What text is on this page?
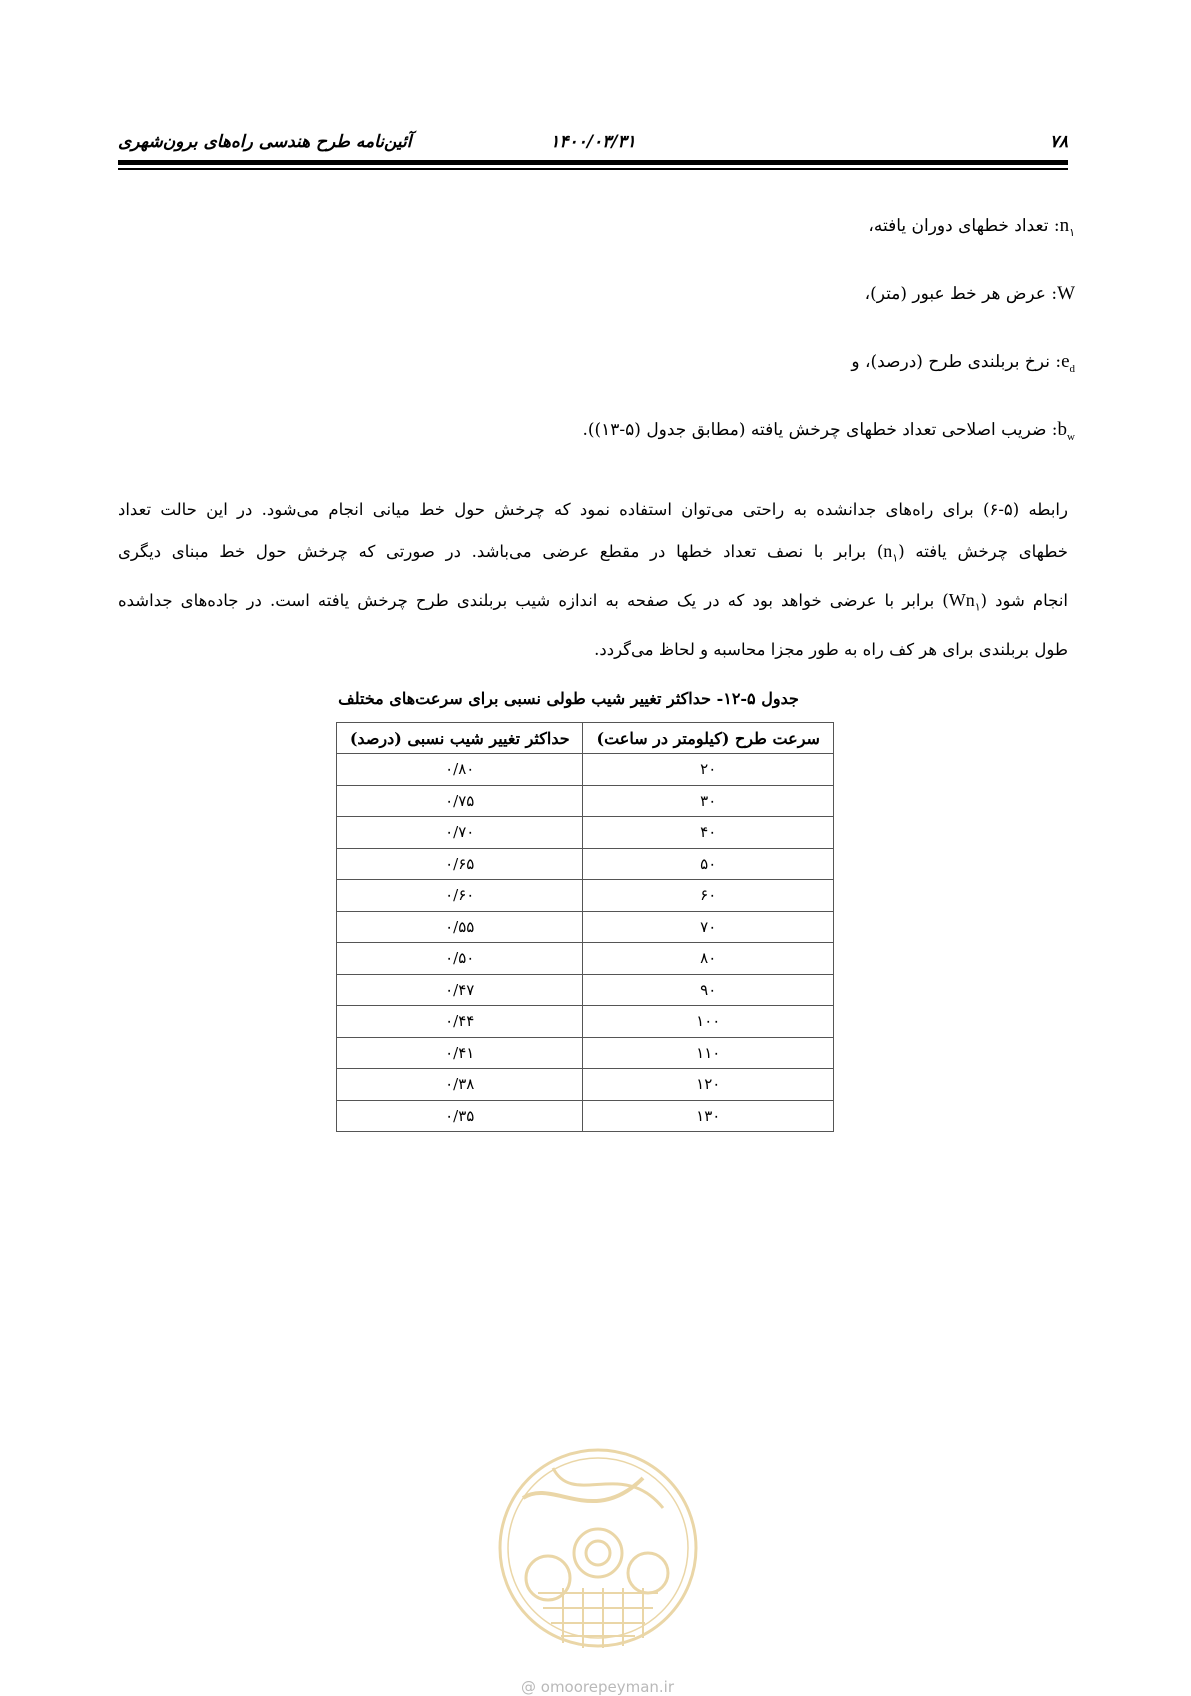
۷۸
۱۴۰۰/۰۳/۳۱
آئین‌نامه طرح هندسی راه‌های برون‌شهری
$n_۱$: تعداد خطهای دوران یافته،
W: عرض هر خط عبور (متر)،
$e_d$: نرخ بربلندی طرح (درصد)، و
$b_w$: ضریب اصلاحی تعداد خطهای چرخش یافته (مطابق جدول (۵-۱۳)).

رابطه (۵-۶) برای راه‌های جدانشده به راحتی می‌توان استفاده نمود که چرخش حول خط میانی انجام می‌شود. در این حالت تعداد

خطهای چرخش یافته $(n_۱)$ برابر با نصف تعداد خطها در مقطع عرضی می‌باشد. در صورتی که چرخش حول خط مبنای دیگری

انجام شود $(Wn_۱)$ برابر با عرضی خواهد بود که در یک صفحه به اندازه شیب بربلندی طرح چرخش یافته است. در جاده‌های جداشده

طول بربلندی برای هر کف راه به طور مجزا محاسبه و لحاظ می‌گردد.

جدول ۵-۱۲- حداکثر تغییر شیب طولی نسبی برای سرعت‌های مختلف
سرعت طرح (کیلومتر در ساعت)	حداکثر تغییر شیب نسبی (درصد)
۲۰	۰/۸۰
۳۰	۰/۷۵
۴۰	۰/۷۰
۵۰	۰/۶۵
۶۰	۰/۶۰
۷۰	۰/۵۵
۸۰	۰/۵۰
۹۰	۰/۴۷
۱۰۰	۰/۴۴
۱۱۰	۰/۴۱
۱۲۰	۰/۳۸
۱۳۰	۰/۳۵
@ omoorepeyman.ir
